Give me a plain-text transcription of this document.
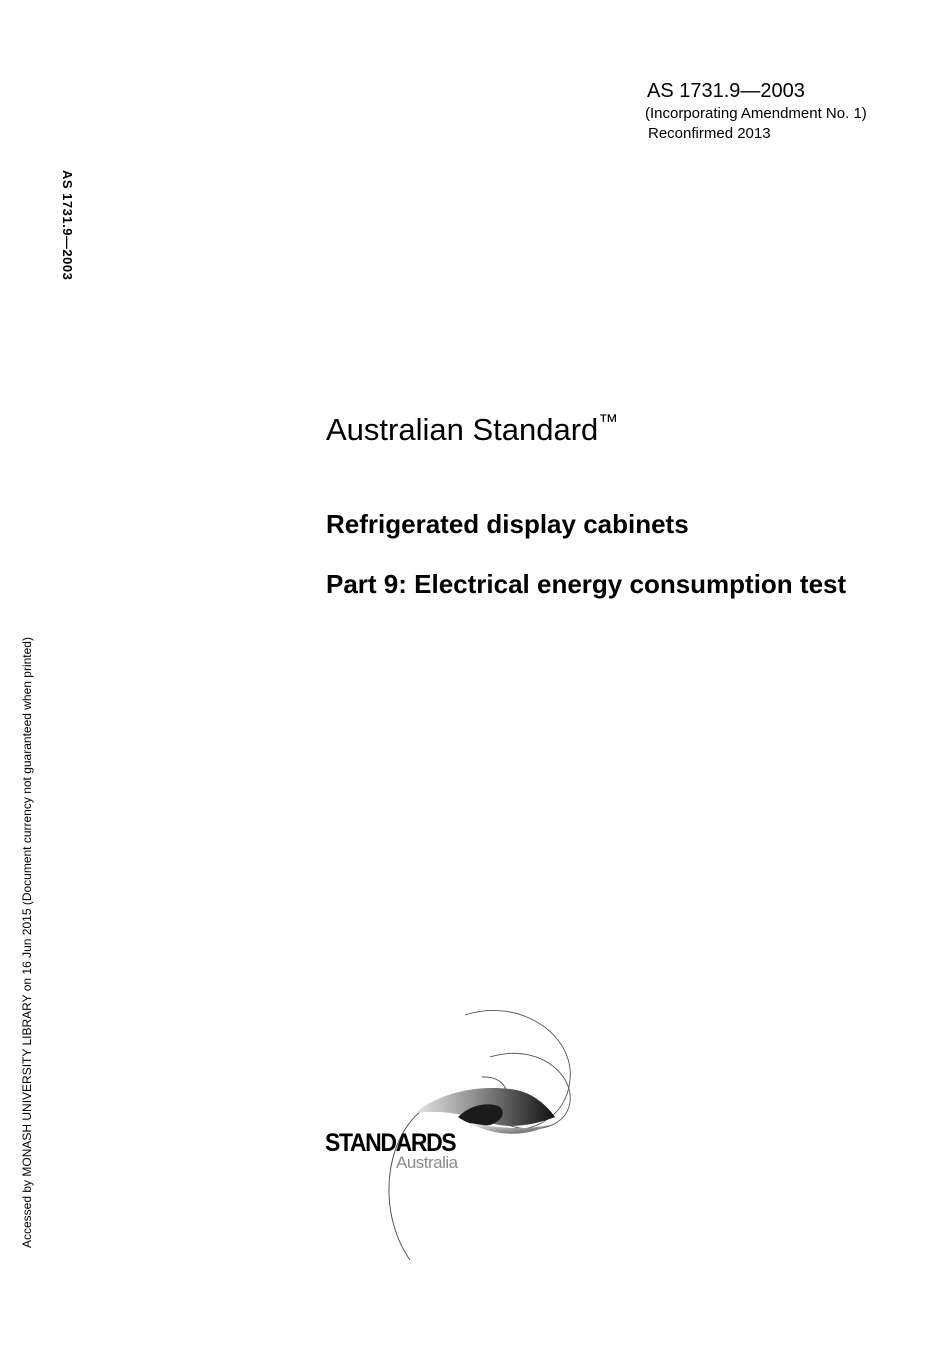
AS 1731.9—2003
(Incorporating Amendment No. 1)
Reconfirmed 2013
AS 1731.9—2003
Accessed by MONASH UNIVERSITY LIBRARY on 16 Jun 2015 (Document currency not guaranteed when printed)
Australian Standard™
Refrigerated display cabinets
Part 9: Electrical energy consumption test
STANDARDS
Australia
